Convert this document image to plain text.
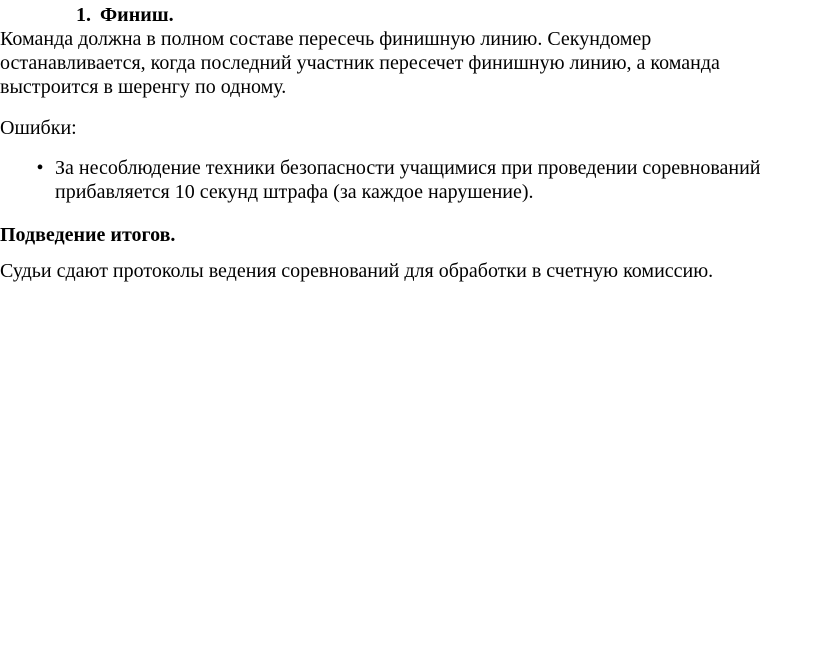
1. Финиш.
Команда должна в полном составе пересечь финишную линию. Секундомер
останавливается, когда последний участник пересечет финишную линию, а команда
выстроится в шеренгу по одному.
Ошибки:
• За несоблюдение техники безопасности учащимися при проведении соревнований
прибавляется 10 секунд штрафа (за каждое нарушение).
Подведение итогов.
Судьи сдают протоколы ведения соревнований для обработки в счетную комиссию.
